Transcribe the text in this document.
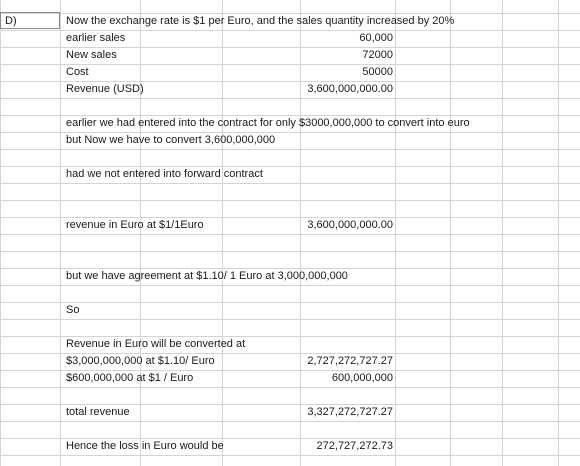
D)	Now the exchange rate is $1 per Euro, and the sales quantity increased by 20%
earlier sales	60,000
New sales	72000
Cost	50000
Revenue (USD)	3,600,000,000.00
earlier we had entered into the contract for only $3000,000,000 to convert into euro
but Now we have to convert 3,600,000,000
had we not entered into forward contract
revenue in Euro at $1/1Euro	3,600,000,000.00
but we have agreement at $1.10/ 1 Euro at 3,000,000,000
So
Revenue in Euro will be converted at
$3,000,000,000 at $1.10/ Euro	2,727,272,727.27
$600,000,000 at $1 / Euro	600,000,000
total revenue	3,327,272,727.27
Hence the loss in Euro would be	272,727,272.73
